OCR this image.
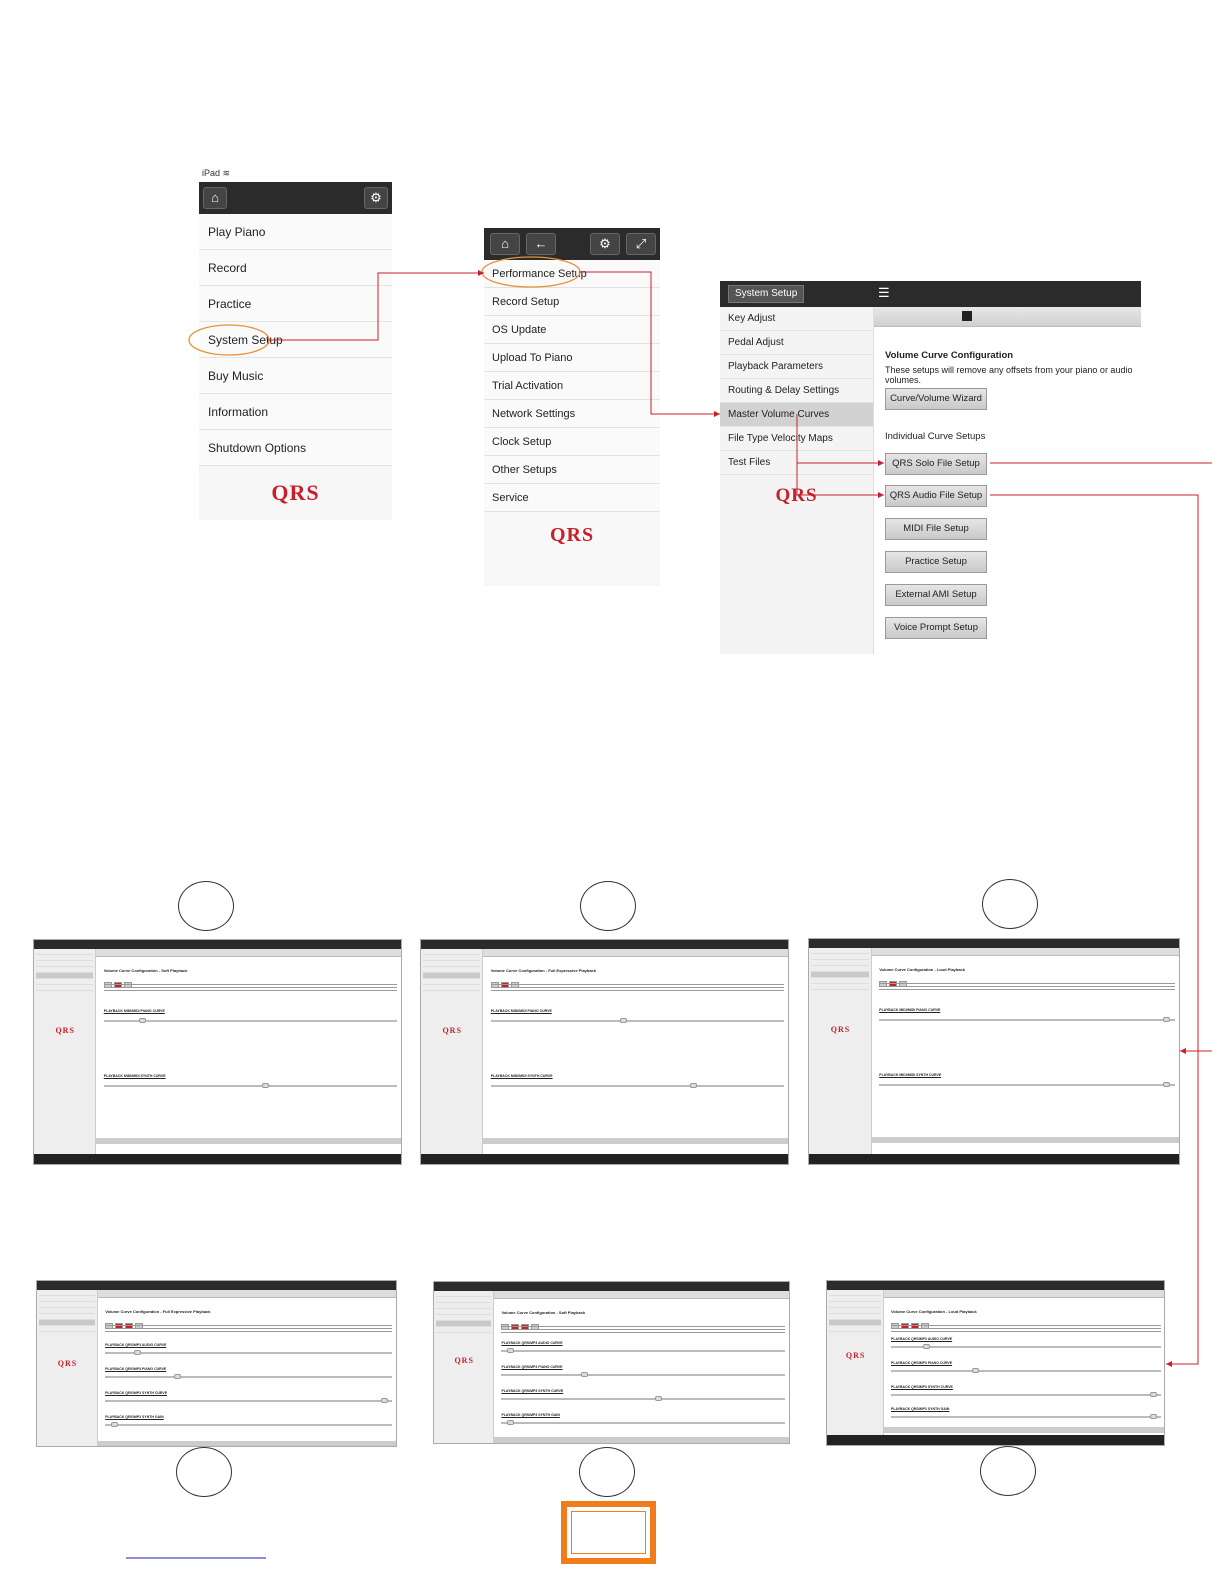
iPad ≋
⌂	⚙
Play Piano
Record
Practice
System Setup
Buy Music
Information
Shutdown Options
QRS
⌂	←	⚙	⤢
Performance Setup
Record Setup
OS Update
Upload To Piano
Trial Activation
Network Settings
Clock Setup
Other Setups
Service
QRS
System Setup	☰
Key Adjust
Pedal Adjust
Playback Parameters
Routing & Delay Settings
Master Volume Curves
File Type Velocity Maps
Test Files
QRS
Volume Curve Configuration
These setups will remove any offsets from your piano or audio volumes.
Curve/Volume Wizard
Individual Curve Setups
QRS Solo File Setup
QRS Audio File Setup
MIDI File Setup
Practice Setup
External AMI Setup
Voice Prompt Setup
QRS
Volume Curve Configuration - Soft Playback
PLAYBACK MIDI/MIDI PIANO CURVE
PLAYBACK MIDI/MIDI SYNTH CURVE
QRS
Volume Curve Configuration - Full Expressive Playback
PLAYBACK MIDI/MIDI PIANO CURVE
PLAYBACK MIDI/MIDI SYNTH CURVE
QRS
Volume Curve Configuration - Loud Playback
PLAYBACK MIDI/MIDI PIANO CURVE
PLAYBACK MIDI/MIDI SYNTH CURVE
QRS
Volume Curve Configuration - Full Expressive Playback
PLAYBACK QRS/MP3 AUDIO CURVE
PLAYBACK QRS/MP3 PIANO CURVE
PLAYBACK QRS/MP3 SYNTH CURVE
PLAYBACK QRS/MP3 SYNTH GAIN
QRS
Volume Curve Configuration - Soft Playback
PLAYBACK QRS/MP3 AUDIO CURVE
PLAYBACK QRS/MP3 PIANO CURVE
PLAYBACK QRS/MP3 SYNTH CURVE
PLAYBACK QRS/MP3 SYNTH GAIN
QRS
Volume Curve Configuration - Loud Playback
PLAYBACK QRS/MP3 AUDIO CURVE
PLAYBACK QRS/MP3 PIANO CURVE
PLAYBACK QRS/MP3 SYNTH CURVE
PLAYBACK QRS/MP3 SYNTH GAIN
